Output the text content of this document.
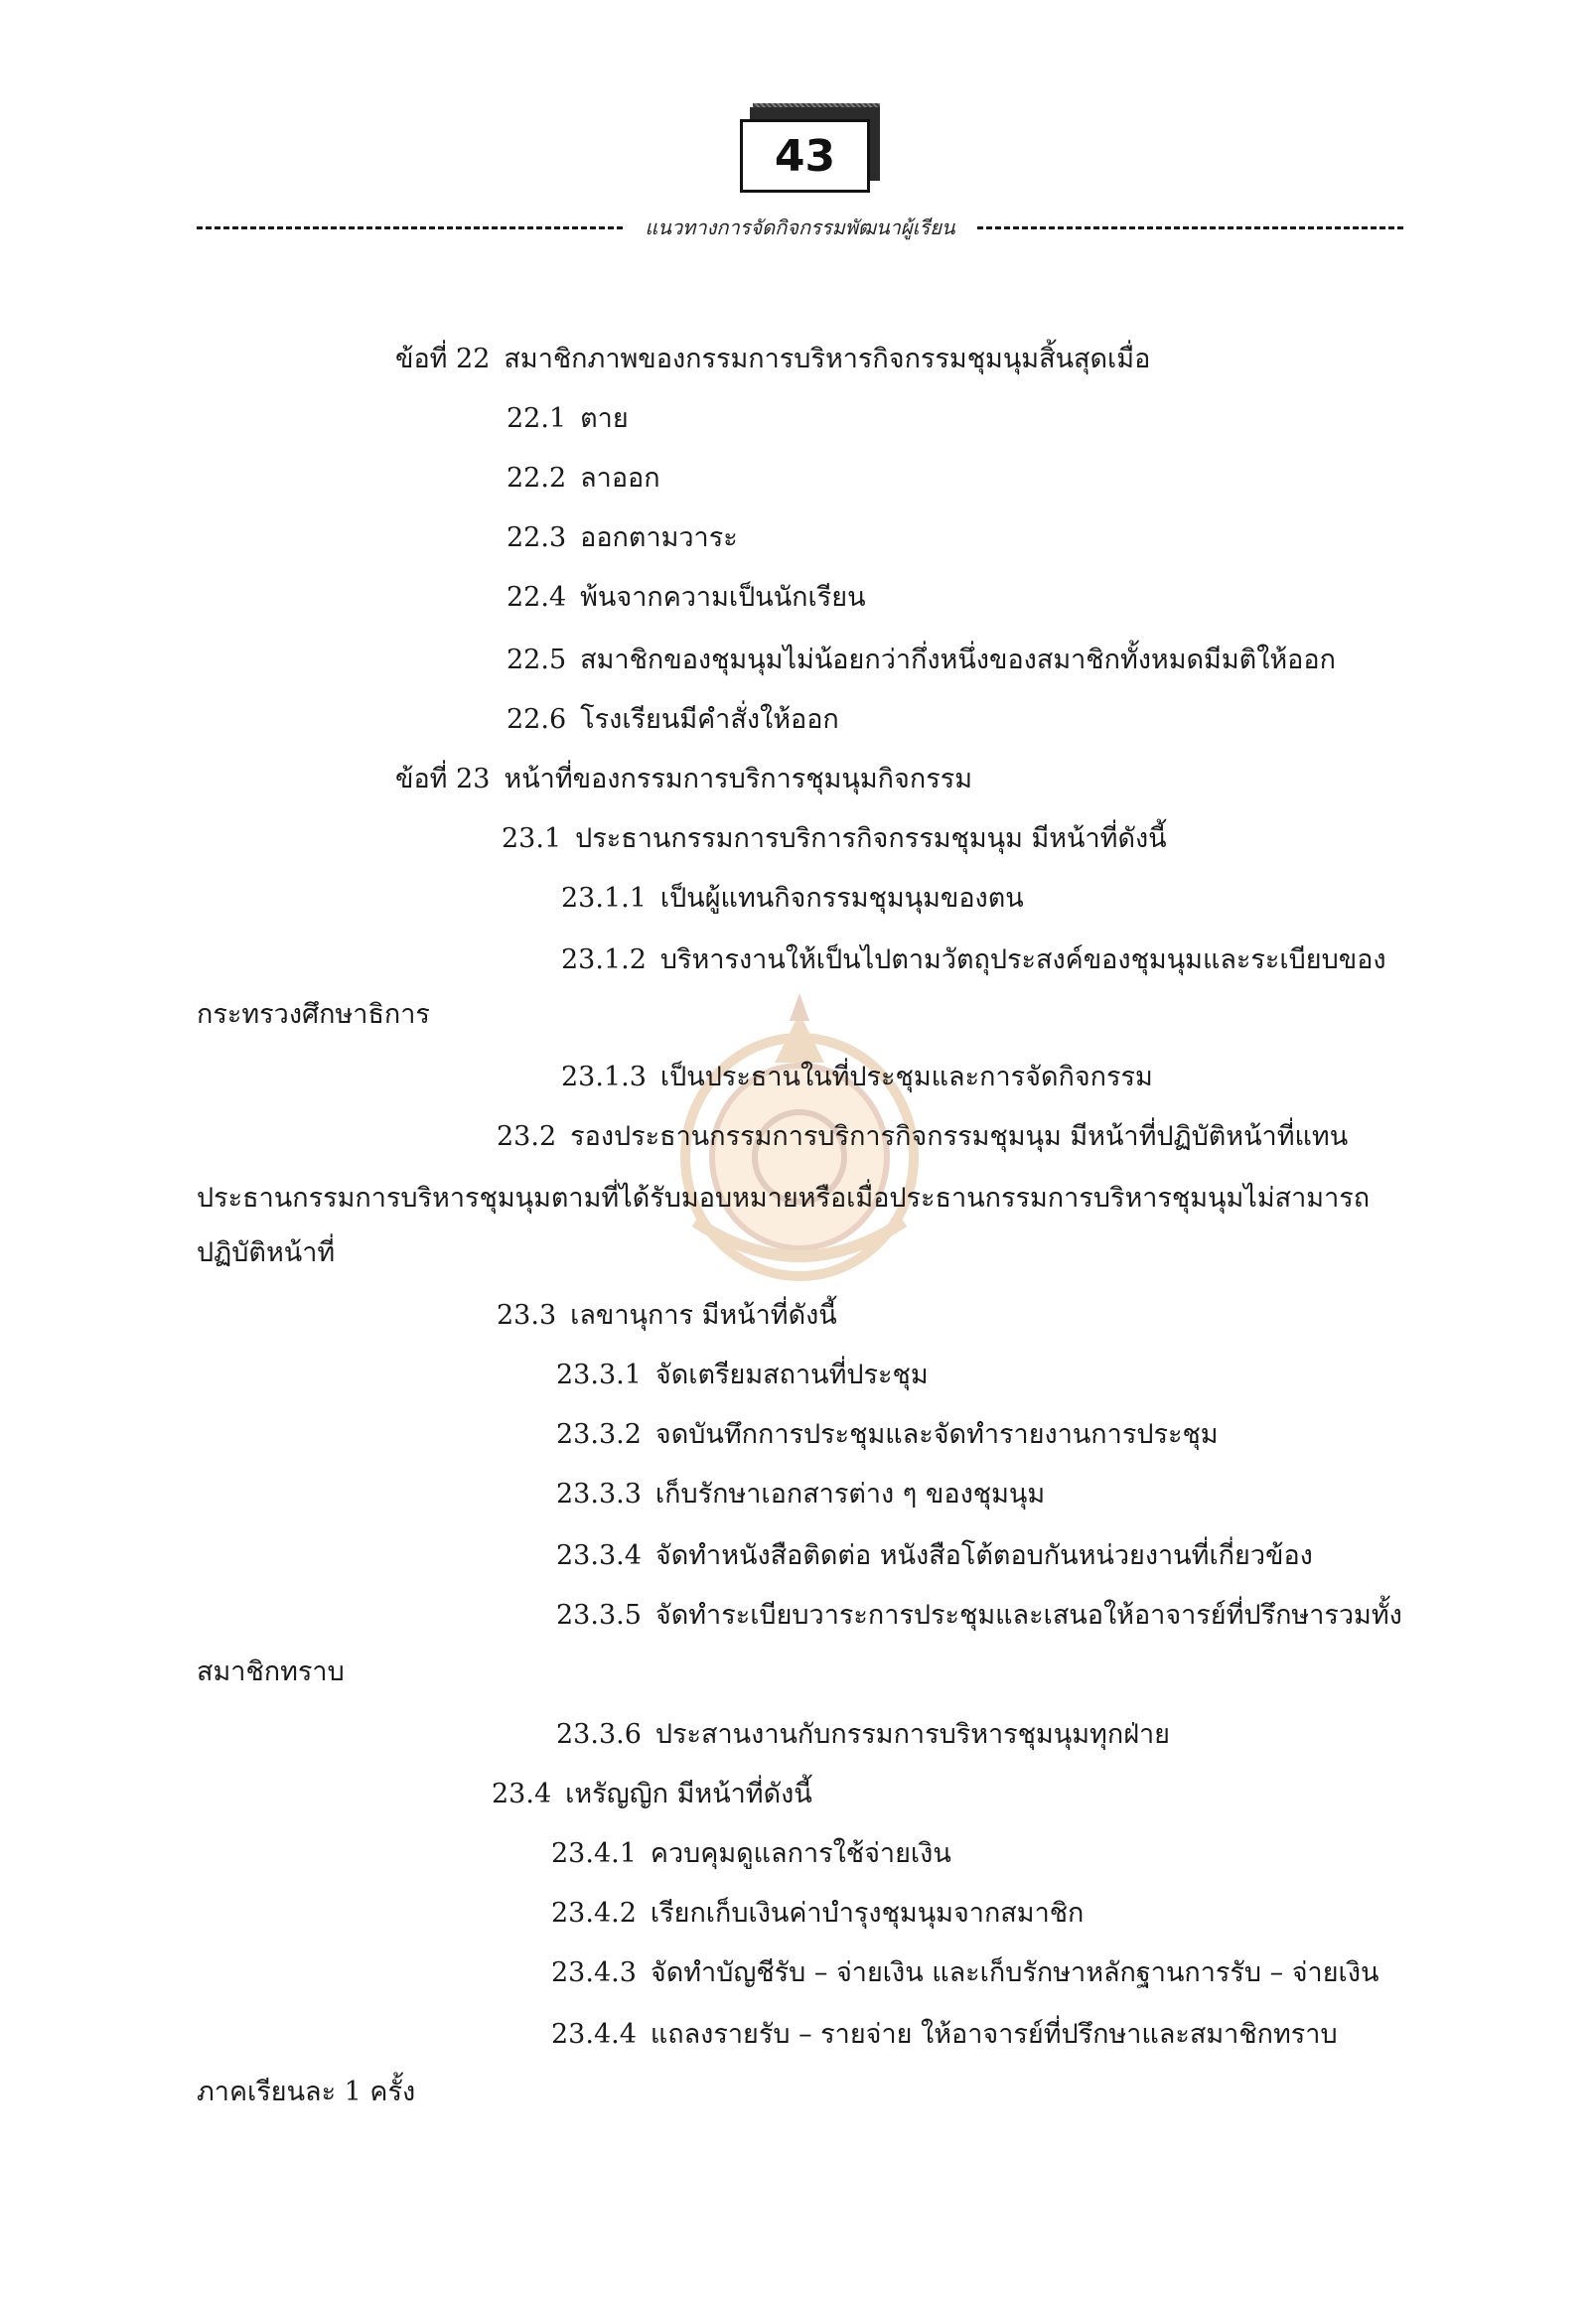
43
แนวทางการจัดกิจกรรมพัฒนาผู้เรียน
ข้อที่ 22 สมาชิกภาพของกรรมการบริหารกิจกรรมชุมนุมสิ้นสุดเมื่อ
22.1 ตาย
22.2 ลาออก
22.3 ออกตามวาระ
22.4 พ้นจากความเป็นนักเรียน
22.5 สมาชิกของชุมนุมไม่น้อยกว่ากึ่งหนึ่งของสมาชิกทั้งหมดมีมติให้ออก
22.6 โรงเรียนมีคำสั่งให้ออก
ข้อที่ 23 หน้าที่ของกรรมการบริการชุมนุมกิจกรรม
23.1 ประธานกรรมการบริการกิจกรรมชุมนุม มีหน้าที่ดังนี้
23.1.1 เป็นผู้แทนกิจกรรมชุมนุมของตน
23.1.2 บริหารงานให้เป็นไปตามวัตถุประสงค์ของชุมนุมและระเบียบของ
กระทรวงศึกษาธิการ
23.1.3 เป็นประธานในที่ประชุมและการจัดกิจกรรม
23.2 รองประธานกรรมการบริการกิจกรรมชุมนุม มีหน้าที่ปฏิบัติหน้าที่แทน
ประธานกรรมการบริหารชุมนุมตามที่ได้รับมอบหมายหรือเมื่อประธานกรรมการบริหารชุมนุมไม่สามารถ
ปฏิบัติหน้าที่
23.3 เลขานุการ มีหน้าที่ดังนี้
23.3.1 จัดเตรียมสถานที่ประชุม
23.3.2 จดบันทึกการประชุมและจัดทำรายงานการประชุม
23.3.3 เก็บรักษาเอกสารต่าง ๆ ของชุมนุม
23.3.4 จัดทำหนังสือติดต่อ หนังสือโต้ตอบกันหน่วยงานที่เกี่ยวข้อง
23.3.5 จัดทำระเบียบวาระการประชุมและเสนอให้อาจารย์ที่ปรึกษารวมทั้ง
สมาชิกทราบ
23.3.6 ประสานงานกับกรรมการบริหารชุมนุมทุกฝ่าย
23.4 เหรัญญิก มีหน้าที่ดังนี้
23.4.1 ควบคุมดูแลการใช้จ่ายเงิน
23.4.2 เรียกเก็บเงินค่าบำรุงชุมนุมจากสมาชิก
23.4.3 จัดทำบัญชีรับ – จ่ายเงิน และเก็บรักษาหลักฐานการรับ – จ่ายเงิน
23.4.4 แถลงรายรับ – รายจ่าย ให้อาจารย์ที่ปรึกษาและสมาชิกทราบ
ภาคเรียนละ 1 ครั้ง
